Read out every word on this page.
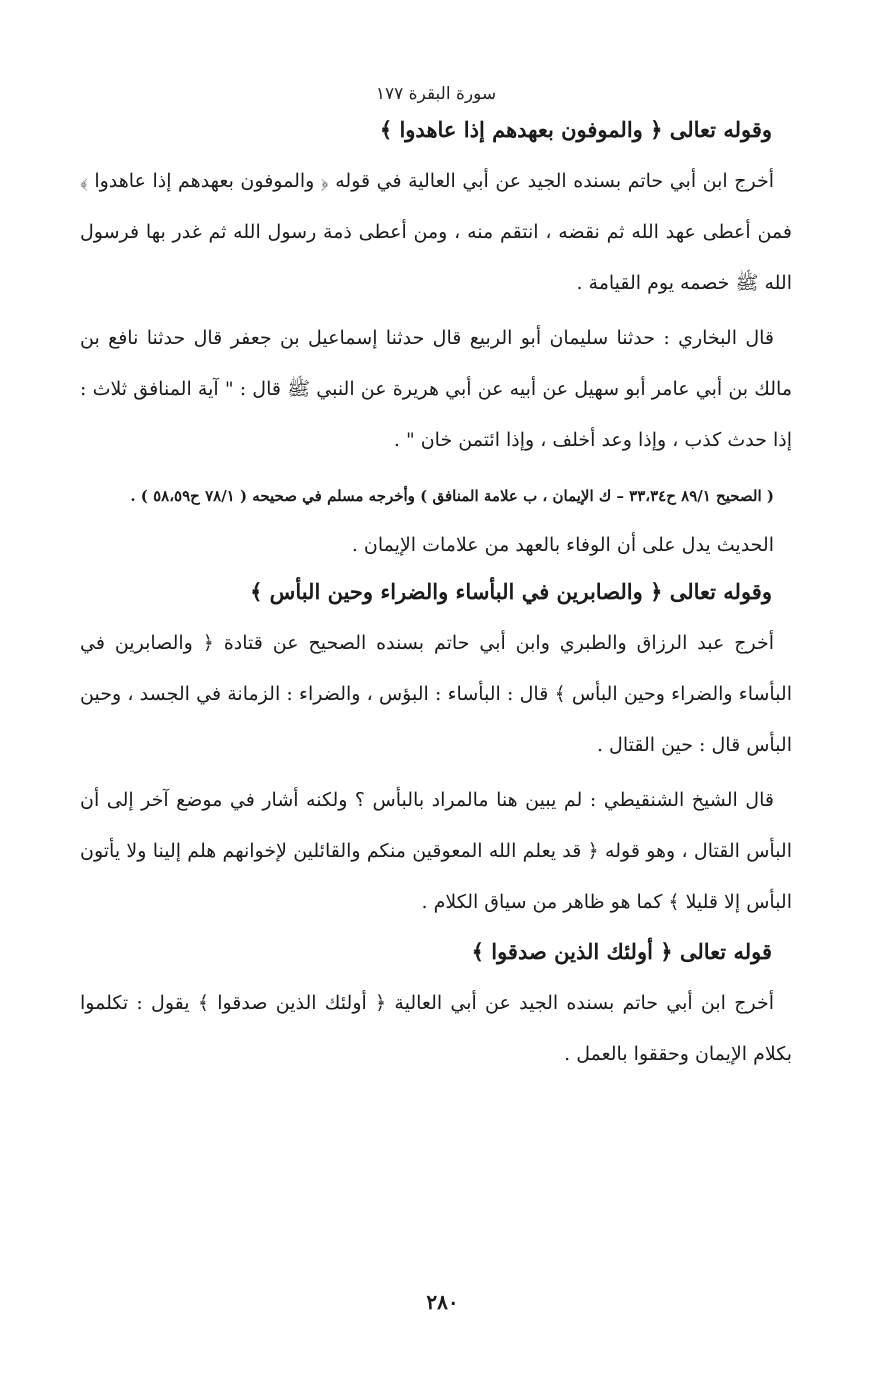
سورة البقرة ١٧٧
وقوله تعالى ﴿ والموفون بعهدهم إذا عاهدوا ﴾

أخرج ابن أبي حاتم بسنده الجيد عن أبي العالية في قوله ﴿ والموفون بعهدهم إذا عاهدوا ﴾ فمن أعطى عهد الله ثم نقضه ، انتقم منه ، ومن أعطى ذمة رسول الله ثم غدر بها فرسول الله ﷺ خصمه يوم القيامة .

قال البخاري : حدثنا سليمان أبو الربيع قال حدثنا إسماعيل بن جعفر قال حدثنا نافع بن مالك بن أبي عامر أبو سهيل عن أبيه عن أبي هريرة عن النبي ﷺ قال : " آية المنافق ثلاث : إذا حدث كذب ، وإذا وعد أخلف ، وإذا ائتمن خان " .

( الصحيح ٨٩/١ ح٣٣،٣٤ – ك الإيمان ، ب علامة المنافق ) وأخرجه مسلم في صحيحه ( ٧٨/١ ح٥٨،٥٩ ) .

الحديث يدل على أن الوفاء بالعهد من علامات الإيمان .

وقوله تعالى ﴿ والصابرين في البأساء والضراء وحين البأس ﴾

أخرج عبد الرزاق والطبري وابن أبي حاتم بسنده الصحيح عن قتادة ﴿ والصابرين في البأساء والضراء وحين البأس ﴾ قال : البأساء : البؤس ، والضراء : الزمانة في الجسد ، وحين البأس قال : حين القتال .

قال الشيخ الشنقيطي : لم يبين هنا مالمراد بالبأس ؟ ولكنه أشار في موضع آخر إلى أن البأس القتال ، وهو قوله ﴿ قد يعلم الله المعوقين منكم والقائلين لإخوانهم هلم إلينا ولا يأتون البأس إلا قليلا ﴾ كما هو ظاهر من سياق الكلام .

قوله تعالى ﴿ أولئك الذين صدقوا ﴾

أخرج ابن أبي حاتم بسنده الجيد عن أبي العالية ﴿ أولئك الذين صدقوا ﴾ يقول : تكلموا بكلام الإيمان وحققوا بالعمل .

٢٨٠
